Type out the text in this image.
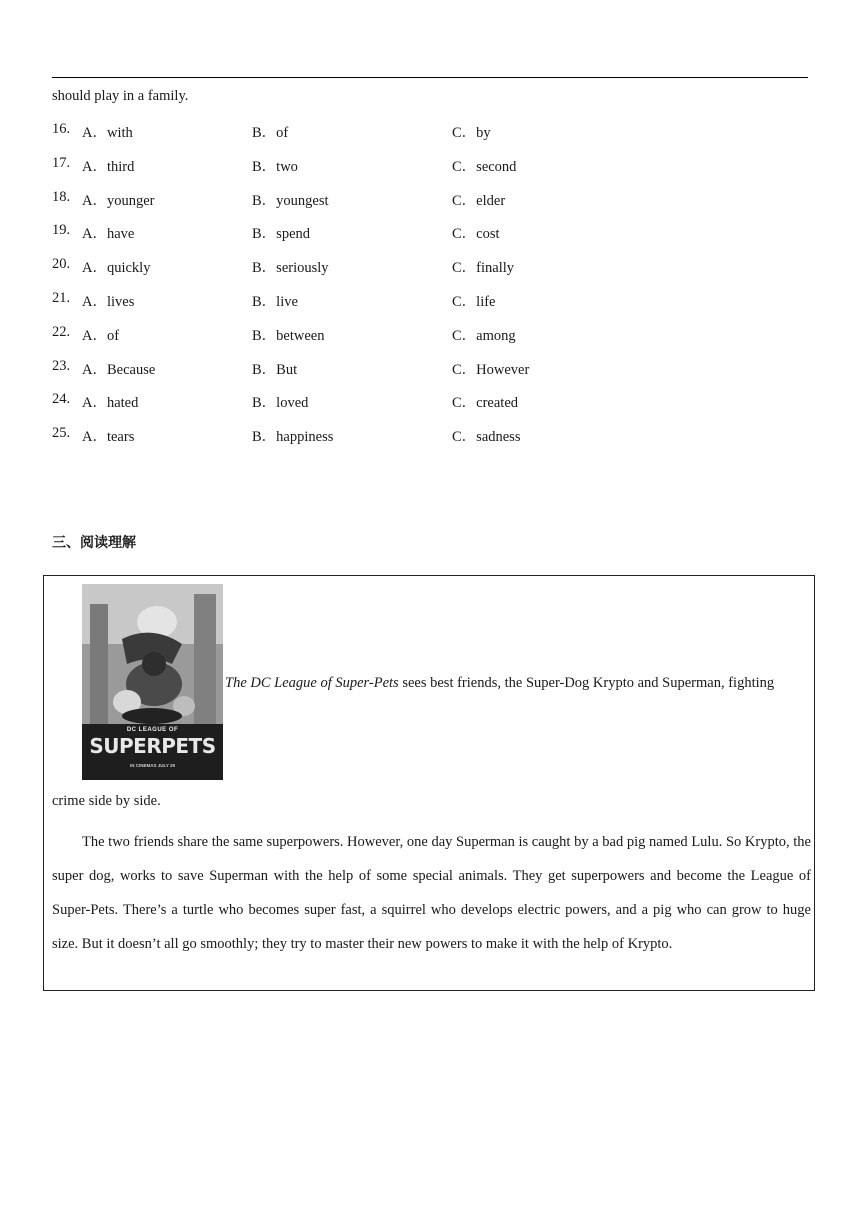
should play in a family.
16. A．with	B．of	C．by
17. A．third	B．two	C．second
18. A．younger	B．youngest	C．elder
19. A．have	B．spend	C．cost
20. A．quickly	B．seriously	C．finally
21. A．lives	B．live	C．life
22. A．of	B．between	C．among
23. A．Because	B．But	C．However
24. A．hated	B．loved	C．created
25. A．tears	B．happiness	C．sadness
三、阅读理解
DC LEAGUE OF
SUPERPETS
IN CINEMAS JULY 29
The DC League of Super-Pets sees best friends, the Super-Dog Krypto and Superman, fighting
crime side by side.

The two friends share the same superpowers. However, one day Superman is caught by a bad pig named Lulu. So Krypto, the super dog, works to save Superman with the help of some special animals. They get superpowers and become the League of Super-Pets. There’s a turtle who becomes super fast, a squirrel who develops electric powers, and a pig who can grow to huge size. But it doesn’t all go smoothly; they try to master their new powers to make it with the help of Krypto.
